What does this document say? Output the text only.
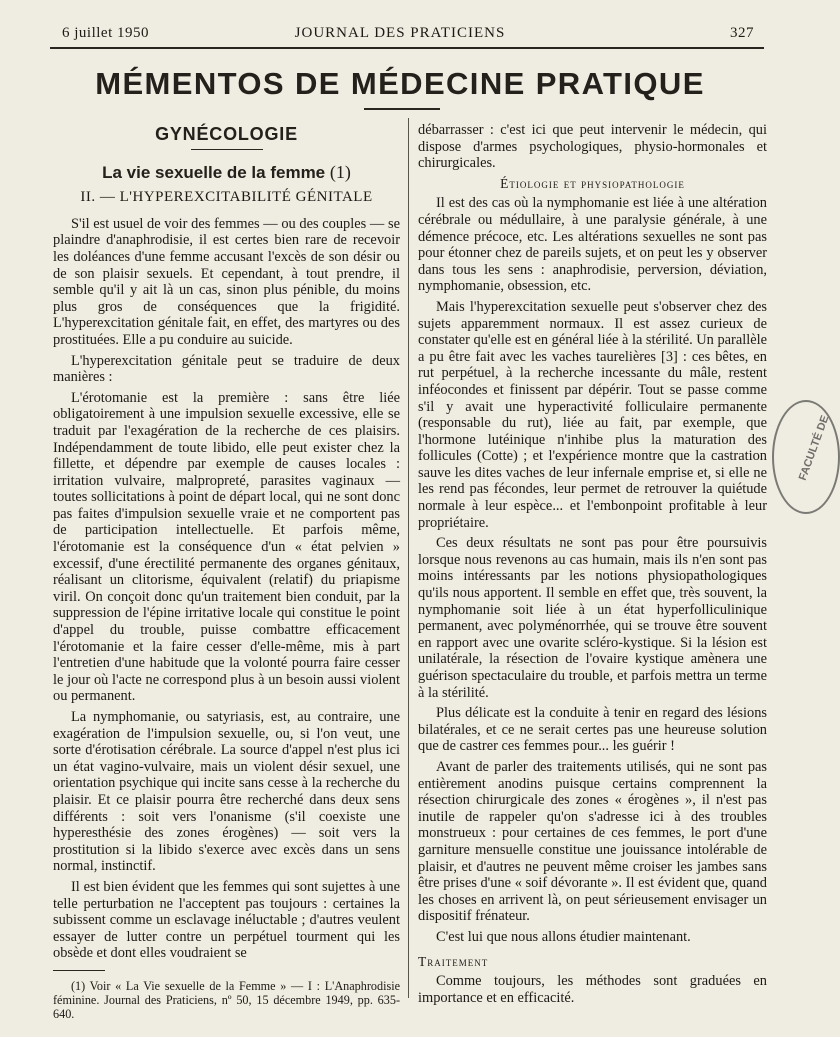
6 juillet 1950	JOURNAL DES PRATICIENS	327
MÉMENTOS DE MÉDECINE PRATIQUE
GYNÉCOLOGIE
La vie sexuelle de la femme (1)
II. — L'HYPEREXCITABILITÉ GÉNITALE

S'il est usuel de voir des femmes — ou des couples — se plaindre d'anaphrodisie, il est certes bien rare de recevoir les doléances d'une femme accusant l'excès de son désir ou de son plaisir sexuels. Et cependant, à tout prendre, il semble qu'il y ait là un cas, sinon plus pénible, du moins plus gros de conséquences que la frigidité. L'hyperexcitation génitale fait, en effet, des martyres ou des prostituées. Elle a pu conduire au suicide.

L'hyperexcitation génitale peut se traduire de deux manières :

L'érotomanie est la première : sans être liée obligatoirement à une impulsion sexuelle excessive, elle se traduit par l'exagération de la recherche de ces plaisirs. Indépendamment de toute libido, elle peut exister chez la fillette, et dépendre par exemple de causes locales : irritation vulvaire, malpropreté, parasites vaginaux — toutes sollicitations à point de départ local, qui ne sont donc pas faites d'impulsion sexuelle vraie et ne comportent pas de participation intellectuelle. Et parfois même, l'érotomanie est la conséquence d'un « état pelvien » excessif, d'une érectilité permanente des organes génitaux, réalisant un clitorisme, équivalent (relatif) du priapisme viril. On conçoit donc qu'un traitement bien conduit, par la suppression de l'épine irritative locale qui constitue le point d'appel du trouble, puisse combattre efficacement l'érotomanie et la faire cesser d'elle-même, mis à part l'entretien d'une habitude que la volonté pourra faire cesser le jour où l'acte ne correspond plus à un besoin aussi violent ou permanent.

La nymphomanie, ou satyriasis, est, au contraire, une exagération de l'impulsion sexuelle, ou, si l'on veut, une sorte d'érotisation cérébrale. La source d'appel n'est plus ici un état vagino-vulvaire, mais un violent désir sexuel, une orientation psychique qui incite sans cesse à la recherche du plaisir. Et ce plaisir pourra être recherché dans deux sens différents : soit vers l'onanisme (s'il coexiste une hyperesthésie des zones érogènes) — soit vers la prostitution si la libido s'exerce avec excès dans un sens normal, instinctif.

Il est bien évident que les femmes qui sont sujettes à une telle perturbation ne l'acceptent pas toujours : certaines la subissent comme un esclavage inéluctable ; d'autres veulent essayer de lutter contre un perpétuel tourment qui les obsède et dont elles voudraient se

(1) Voir « La Vie sexuelle de la Femme » — I : L'Anaphrodisie féminine. Journal des Praticiens, nº 50, 15 décembre 1949, pp. 635-640.

débarrasser : c'est ici que peut intervenir le médecin, qui dispose d'armes psychologiques, physio-hormonales et chirurgicales.

Étiologie et physiopathologie

Il est des cas où la nymphomanie est liée à une altération cérébrale ou médullaire, à une paralysie générale, à une démence précoce, etc. Les altérations sexuelles ne sont pas pour étonner chez de pareils sujets, et on peut les y observer dans tous les sens : anaphrodisie, perversion, déviation, nymphomanie, obsession, etc.

Mais l'hyperexcitation sexuelle peut s'observer chez des sujets apparemment normaux. Il est assez curieux de constater qu'elle est en général liée à la stérilité. Un parallèle a pu être fait avec les vaches taurelières [3] : ces bêtes, en rut perpétuel, à la recherche incessante du mâle, restent inféocondes et finissent par dépérir. Tout se passe comme s'il y avait une hyperactivité folliculaire permanente (responsable du rut), liée au fait, par exemple, que l'hormone lutéinique n'inhibe plus la maturation des follicules (Cotte) ; et l'expérience montre que la castration sauve les dites vaches de leur infernale emprise et, si elle ne les rend pas fécondes, leur permet de retrouver la quiétude normale à leur espèce... et l'embonpoint profitable à leur propriétaire.

Ces deux résultats ne sont pas pour être poursuivis lorsque nous revenons au cas humain, mais ils n'en sont pas moins intéressants par les notions physiopathologiques qu'ils nous apportent. Il semble en effet que, très souvent, la nymphomanie soit liée à un état hyperfolliculinique permanent, avec polyménorrhée, qui se trouve être souvent en rapport avec une ovarite scléro-kystique. Si la lésion est unilatérale, la résection de l'ovaire kystique amènera une guérison spectaculaire du trouble, et parfois mettra un terme à la stérilité.

Plus délicate est la conduite à tenir en regard des lésions bilatérales, et ce ne serait certes pas une heureuse solution que de castrer ces femmes pour... les guérir !

Avant de parler des traitements utilisés, qui ne sont pas entièrement anodins puisque certains comprennent la résection chirurgicale des zones « érogènes », il n'est pas inutile de rappeler qu'on s'adresse ici à des troubles monstrueux : pour certaines de ces femmes, le port d'une garniture mensuelle constitue une jouissance intolérable de plaisir, et d'autres ne peuvent même croiser les jambes sans être prises d'une « soif dévorante ». Il est évident que, quand les choses en arrivent là, on peut sérieusement envisager un dispositif frénateur.

C'est lui que nous allons étudier maintenant.

Traitement

Comme toujours, les méthodes sont graduées en importance et en efficacité.

FACULTÉ DE
